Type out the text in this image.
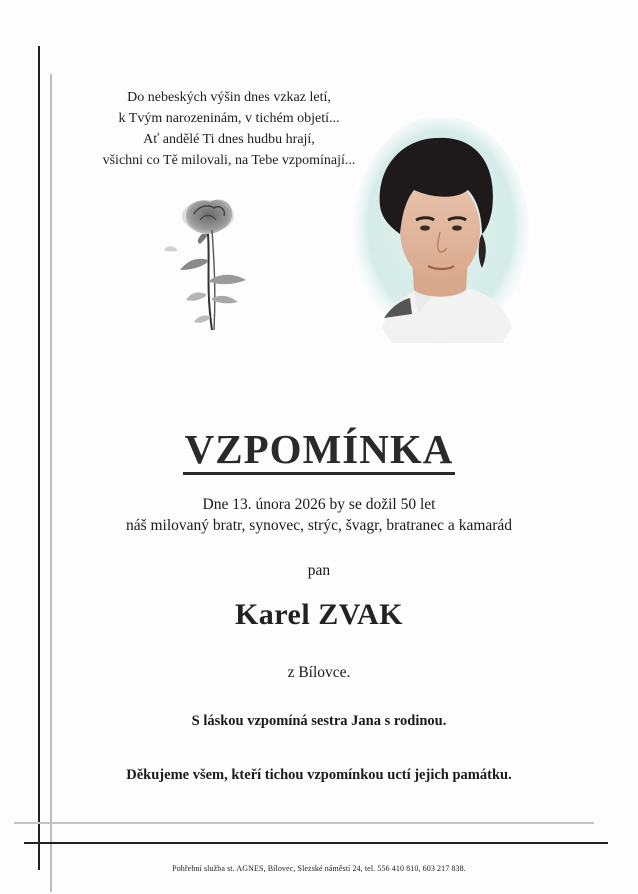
Do nebeských výšin dnes vzkaz letí,
k Tvým narozeninám, v tichém objetí...
Ať andělé Ti dnes hudbu hrají,
všichni co Tě milovali, na Tebe vzpomínají...
VZPOMÍNKA
Dne 13. února 2026 by se dožil 50 let
náš milovaný bratr, synovec, strýc, švagr, bratranec a kamarád
pan
Karel ZVAK
z Bílovce.
S láskou vzpomíná sestra Jana s rodinou.
Děkujeme všem, kteří tichou vzpomínkou uctí jejich památku.
Pohřební služba st. AGNES, Bílovec, Slezské náměstí 24, tel. 556 410 810, 603 217 838.
